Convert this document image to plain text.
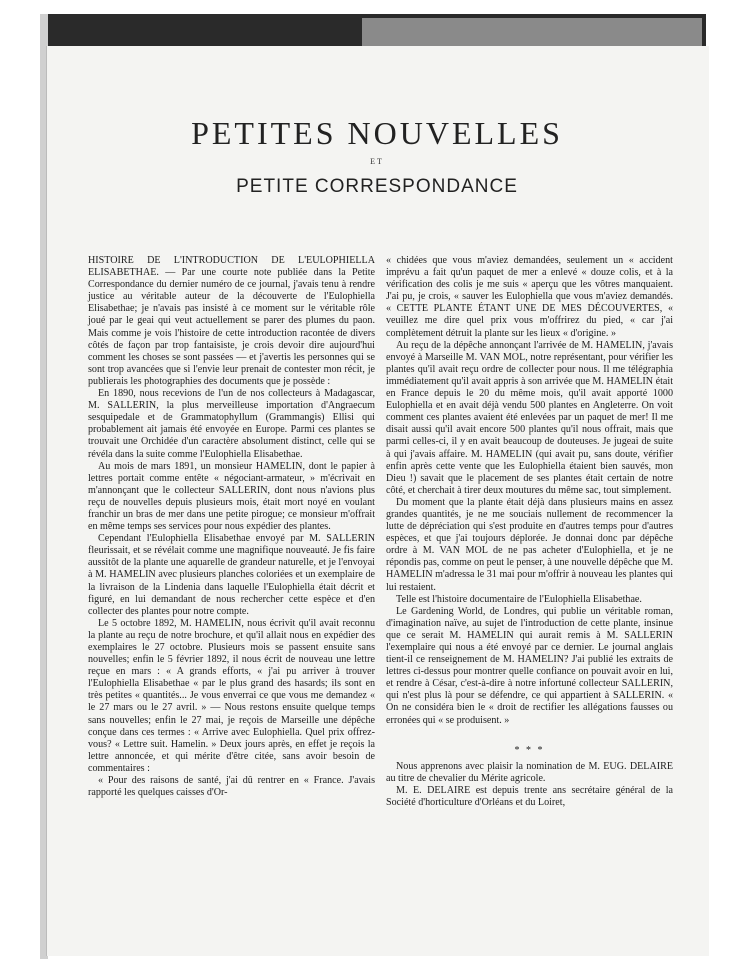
PETITES NOUVELLES
ET
PETITE CORRESPONDANCE

HISTOIRE DE L'INTRODUCTION DE L'EULOPHIELLA ELISABETHAE. — Par une courte note publiée dans la Petite Correspondance du dernier numéro de ce journal, j'avais tenu à rendre justice au véritable auteur de la découverte de l'Eulophiella Elisabethae; je n'avais pas insisté à ce moment sur le véritable rôle joué par le geai qui veut actuellement se parer des plumes du paon. Mais comme je vois l'histoire de cette introduction racontée de divers côtés de façon par trop fantaisiste, je crois devoir dire aujourd'hui comment les choses se sont passées — et j'avertis les personnes qui se sont trop avancées que si l'envie leur prenait de contester mon récit, je publierais les photographies des documents que je possède :

En 1890, nous recevions de l'un de nos collecteurs à Madagascar, M. SALLERIN, la plus merveilleuse importation d'Angraecum sesquipedale et de Grammatophyllum (Grammangis) Ellisi qui probablement ait jamais été envoyée en Europe. Parmi ces plantes se trouvait une Orchidée d'un caractère absolument distinct, celle qui se révéla dans la suite comme l'Eulophiella Elisabethae.

Au mois de mars 1891, un monsieur HAMELIN, dont le papier à lettres portait comme entête « négociant-armateur, » m'écrivait en m'annonçant que le collecteur SALLERIN, dont nous n'avions plus reçu de nouvelles depuis plusieurs mois, était mort noyé en voulant franchir un bras de mer dans une petite pirogue; ce monsieur m'offrait en même temps ses services pour nous expédier des plantes.

Cependant l'Eulophiella Elisabethae envoyé par M. SALLERIN fleurissait, et se révélait comme une magnifique nouveauté. Je fis faire aussitôt de la plante une aquarelle de grandeur naturelle, et je l'envoyai à M. HAMELIN avec plusieurs planches coloriées et un exemplaire de la livraison de la Lindenia dans laquelle l'Eulophiella était décrit et figuré, en lui demandant de nous rechercher cette espèce et d'en collecter des plantes pour notre compte.

Le 5 octobre 1892, M. HAMELIN, nous écrivit qu'il avait reconnu la plante au reçu de notre brochure, et qu'il allait nous en expédier des exemplaires le 27 octobre. Plusieurs mois se passent ensuite sans nouvelles; enfin le 5 février 1892, il nous écrit de nouveau une lettre reçue en mars : « A grands efforts, « j'ai pu arriver à trouver l'Eulophiella Elisabethae « par le plus grand des hasards; ils sont en très petites « quantités... Je vous enverrai ce que vous me demandez « le 27 mars ou le 27 avril. » — Nous restons ensuite quelque temps sans nouvelles; enfin le 27 mai, je reçois de Marseille une dépêche conçue dans ces termes : « Arrive avec Eulophiella. Quel prix offrez-vous? « Lettre suit. Hamelin. » Deux jours après, en effet je reçois la lettre annoncée, et qui mérite d'être citée, sans avoir besoin de commentaires :

« Pour des raisons de santé, j'ai dû rentrer en « France. J'avais rapporté les quelques caisses d'Or-

« chidées que vous m'aviez demandées, seulement un « accident imprévu a fait qu'un paquet de mer a enlevé « douze colis, et à la vérification des colis je me suis « aperçu que les vôtres manquaient. J'ai pu, je crois, « sauver les Eulophiella que vous m'aviez demandés. « CETTE PLANTE ÉTANT UNE DE MES DÉCOUVERTES, « veuillez me dire quel prix vous m'offrirez du pied, « car j'ai complètement détruit la plante sur les lieux « d'origine. »

Au reçu de la dépêche annonçant l'arrivée de M. HAMELIN, j'avais envoyé à Marseille M. VAN MOL, notre représentant, pour vérifier les plantes qu'il avait reçu ordre de collecter pour nous. Il me télégraphia immédiatement qu'il avait appris à son arrivée que M. HAMELIN était en France depuis le 20 du même mois, qu'il avait apporté 1000 Eulophiella et en avait déjà vendu 500 plantes en Angleterre. On voit comment ces plantes avaient été enlevées par un paquet de mer! Il me disait aussi qu'il avait encore 500 plantes qu'il nous offrait, mais que parmi celles-ci, il y en avait beaucoup de douteuses. Je jugeai de suite à qui j'avais affaire. M. HAMELIN (qui avait pu, sans doute, vérifier enfin après cette vente que les Eulophiella étaient bien sauvés, mon Dieu !) savait que le placement de ses plantes était certain de notre côté, et cherchait à tirer deux moutures du même sac, tout simplement.

Du moment que la plante était déjà dans plusieurs mains en assez grandes quantités, je ne me souciais nullement de recommencer la lutte de dépréciation qui s'est produite en d'autres temps pour d'autres espèces, et que j'ai toujours déplorée. Je donnai donc par dépêche ordre à M. VAN MOL de ne pas acheter d'Eulophiella, et je ne répondis pas, comme on peut le penser, à une nouvelle dépêche que M. HAMELIN m'adressa le 31 mai pour m'offrir à nouveau les plantes qui lui restaient.

Telle est l'histoire documentaire de l'Eulophiella Elisabethae.

Le Gardening World, de Londres, qui publie un véritable roman, d'imagination naïve, au sujet de l'introduction de cette plante, insinue que ce serait M. HAMELIN qui aurait remis à M. SALLERIN l'exemplaire qui nous a été envoyé par ce dernier. Le journal anglais tient-il ce renseignement de M. HAMELIN? J'ai publié les extraits de lettres ci-dessus pour montrer quelle confiance on pouvait avoir en lui, et rendre à César, c'est-à-dire à notre infortuné collecteur SALLERIN, qui n'est plus là pour se défendre, ce qui appartient à SALLERIN. « On ne considéra bien le « droit de rectifier les allégations fausses ou erronées qui « se produisent. »

* * *

Nous apprenons avec plaisir la nomination de M. EUG. DELAIRE au titre de chevalier du Mérite agricole.

M. E. DELAIRE est depuis trente ans secrétaire général de la Société d'horticulture d'Orléans et du Loiret,
